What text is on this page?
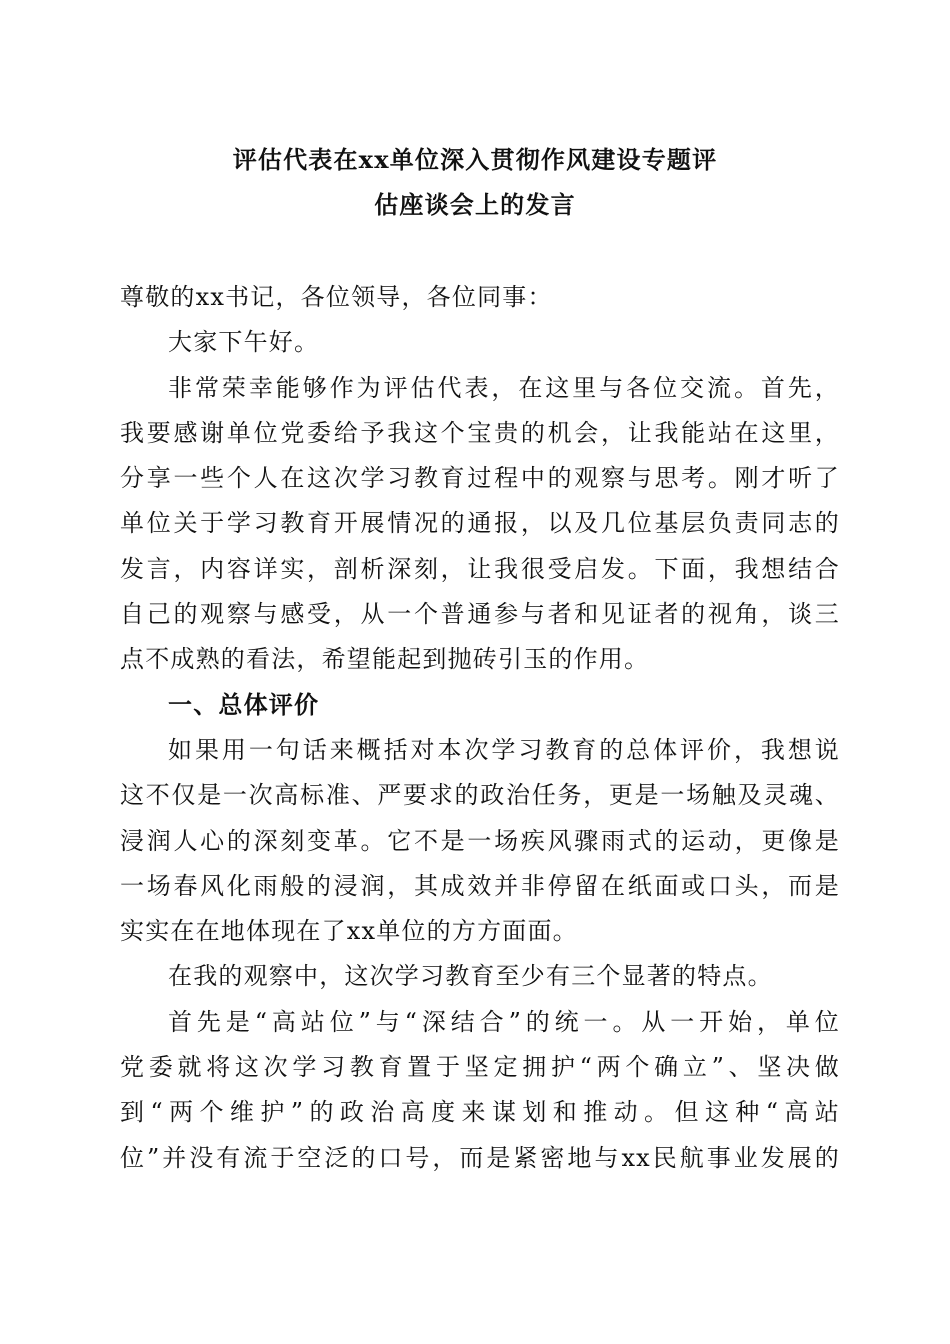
评估代表在xx单位深入贯彻作风建设专题评
估座谈会上的发言
尊敬的xx书记，各位领导，各位同事：
大家下午好。
非常荣幸能够作为评估代表，在这里与各位交流。首先，
我要感谢单位党委给予我这个宝贵的机会，让我能站在这里，
分享一些个人在这次学习教育过程中的观察与思考。刚才听了
单位关于学习教育开展情况的通报，以及几位基层负责同志的
发言，内容详实，剖析深刻，让我很受启发。下面，我想结合
自己的观察与感受，从一个普通参与者和见证者的视角，谈三
点不成熟的看法，希望能起到抛砖引玉的作用。
一、总体评价
如果用一句话来概括对本次学习教育的总体评价，我想说
这不仅是一次高标准、严要求的政治任务，更是一场触及灵魂、
浸润人心的深刻变革。它不是一场疾风骤雨式的运动，更像是
一场春风化雨般的浸润，其成效并非停留在纸面或口头，而是
实实在在地体现在了xx单位的方方面面。
在我的观察中，这次学习教育至少有三个显著的特点。
首先是“高站位”与“深结合”的统一。从一开始，单位
党委就将这次学习教育置于坚定拥护“两个确立”、坚决做
到“两个维护”的政治高度来谋划和推动。但这种“高站
位”并没有流于空泛的口号，而是紧密地与xx民航事业发展的
